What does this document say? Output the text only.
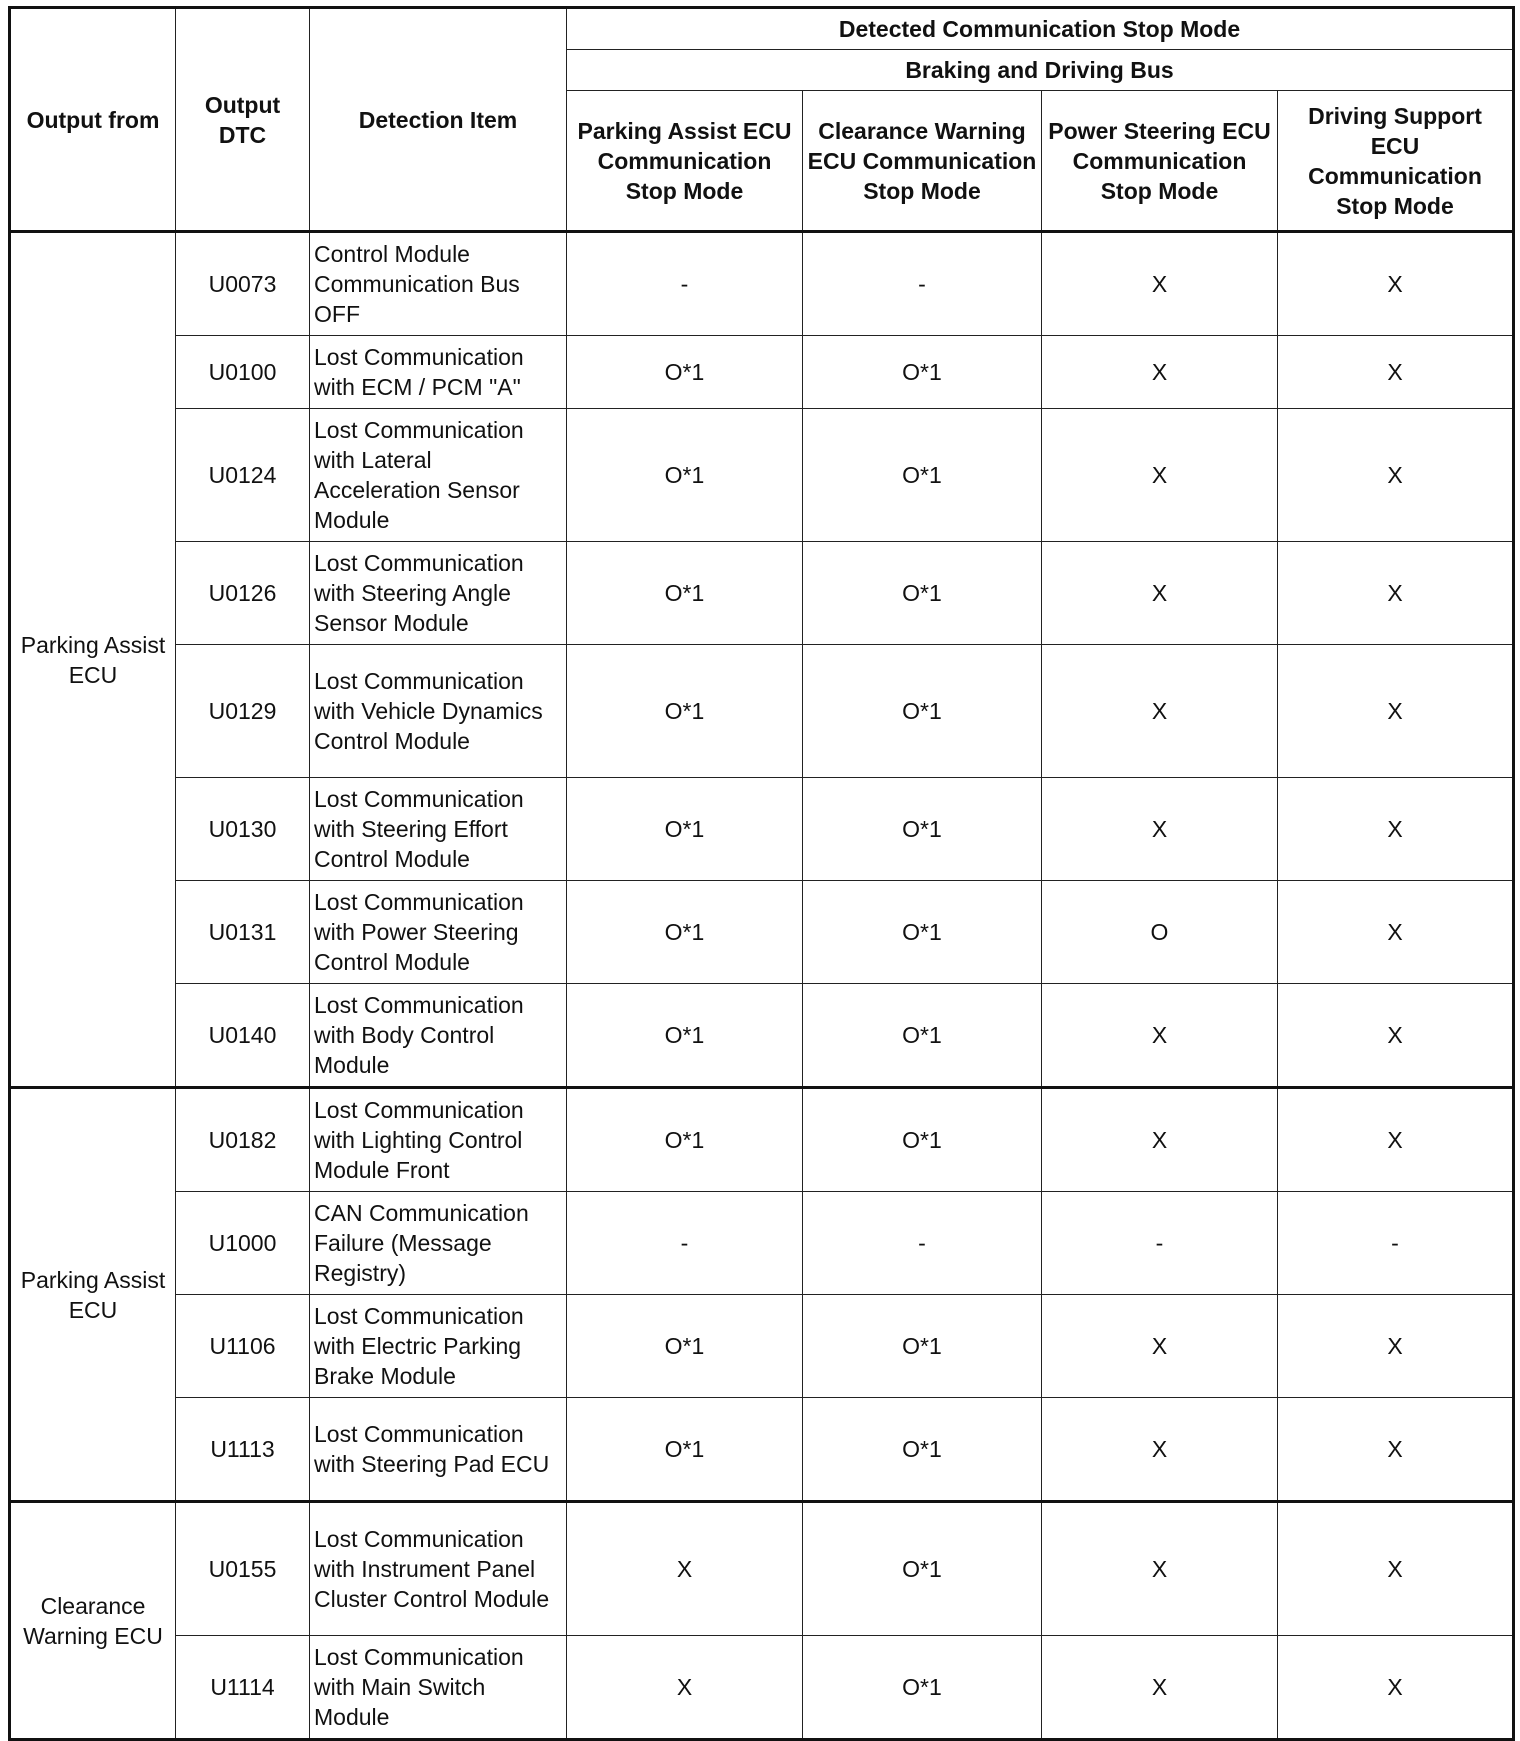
Output from	Output DTC	Detection Item	Detected Communication Stop Mode			
			Braking and Driving Bus			
			Parking Assist ECU Communication Stop Mode	Clearance Warning ECU Communication Stop Mode	Power Steering ECU Communication Stop Mode	Driving Support ECU Communication Stop Mode
Parking Assist ECU	U0073	Control Module Communication Bus OFF	-	-	X	X
	U0100	Lost Communication with ECM / PCM "A"	O*1	O*1	X	X
	U0124	Lost Communication with Lateral Acceleration Sensor Module	O*1	O*1	X	X
	U0126	Lost Communication with Steering Angle Sensor Module	O*1	O*1	X	X
	U0129	Lost Communication with Vehicle Dynamics Control Module	O*1	O*1	X	X
	U0130	Lost Communication with Steering Effort Control Module	O*1	O*1	X	X
	U0131	Lost Communication with Power Steering Control Module	O*1	O*1	O	X
	U0140	Lost Communication with Body Control Module	O*1	O*1	X	X
Parking Assist ECU	U0182	Lost Communication with Lighting Control Module Front	O*1	O*1	X	X
	U1000	CAN Communication Failure (Message Registry)	-	-	-	-
	U1106	Lost Communication with Electric Parking Brake Module	O*1	O*1	X	X
	U1113	Lost Communication with Steering Pad ECU	O*1	O*1	X	X
Clearance Warning ECU	U0155	Lost Communication with Instrument Panel Cluster Control Module	X	O*1	X	X
	U1114	Lost Communication with Main Switch Module	X	O*1	X	X
